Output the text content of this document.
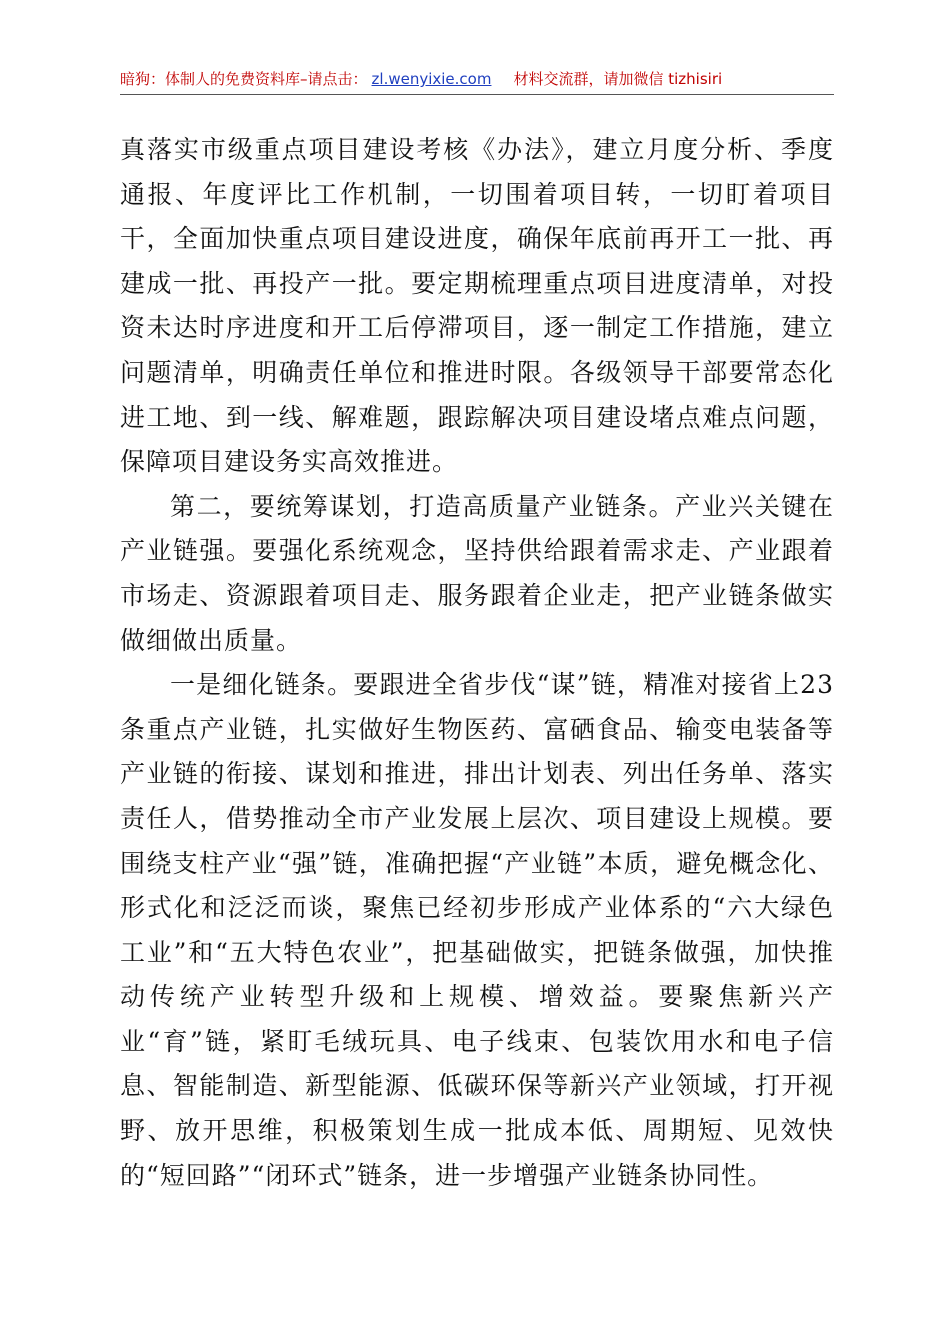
暗狗：体制人的免费资料库–请点击： zl.wenyixie.com 材料交流群，请加微信 tizhisiri

真落实市级重点项目建设考核《办法》，建立月度分析、季度通报、年度评比工作机制，一切围着项目转，一切盯着项目干，全面加快重点项目建设进度，确保年底前再开工一批、再建成一批、再投产一批。要定期梳理重点项目进度清单，对投资未达时序进度和开工后停滞项目，逐一制定工作措施，建立问题清单，明确责任单位和推进时限。各级领导干部要常态化进工地、到一线、解难题，跟踪解决项目建设堵点难点问题，保障项目建设务实高效推进。

第二，要统筹谋划，打造高质量产业链条。产业兴关键在产业链强。要强化系统观念，坚持供给跟着需求走、产业跟着市场走、资源跟着项目走、服务跟着企业走，把产业链条做实做细做出质量。

一是细化链条。要跟进全省步伐“谋”链，精准对接省上23条重点产业链，扎实做好生物医药、富硒食品、输变电装备等产业链的衔接、谋划和推进，排出计划表、列出任务单、落实责任人，借势推动全市产业发展上层次、项目建设上规模。要围绕支柱产业“强”链，准确把握“产业链”本质，避免概念化、形式化和泛泛而谈，聚焦已经初步形成产业体系的“六大绿色工业”和“五大特色农业”，把基础做实，把链条做强，加快推动传统产业转型升级和上规模、增效益。要聚焦新兴产业“育”链，紧盯毛绒玩具、电子线束、包装饮用水和电子信息、智能制造、新型能源、低碳环保等新兴产业领域，打开视野、放开思维，积极策划生成一批成本低、周期短、见效快的“短回路”“闭环式”链条，进一步增强产业链条协同性。
